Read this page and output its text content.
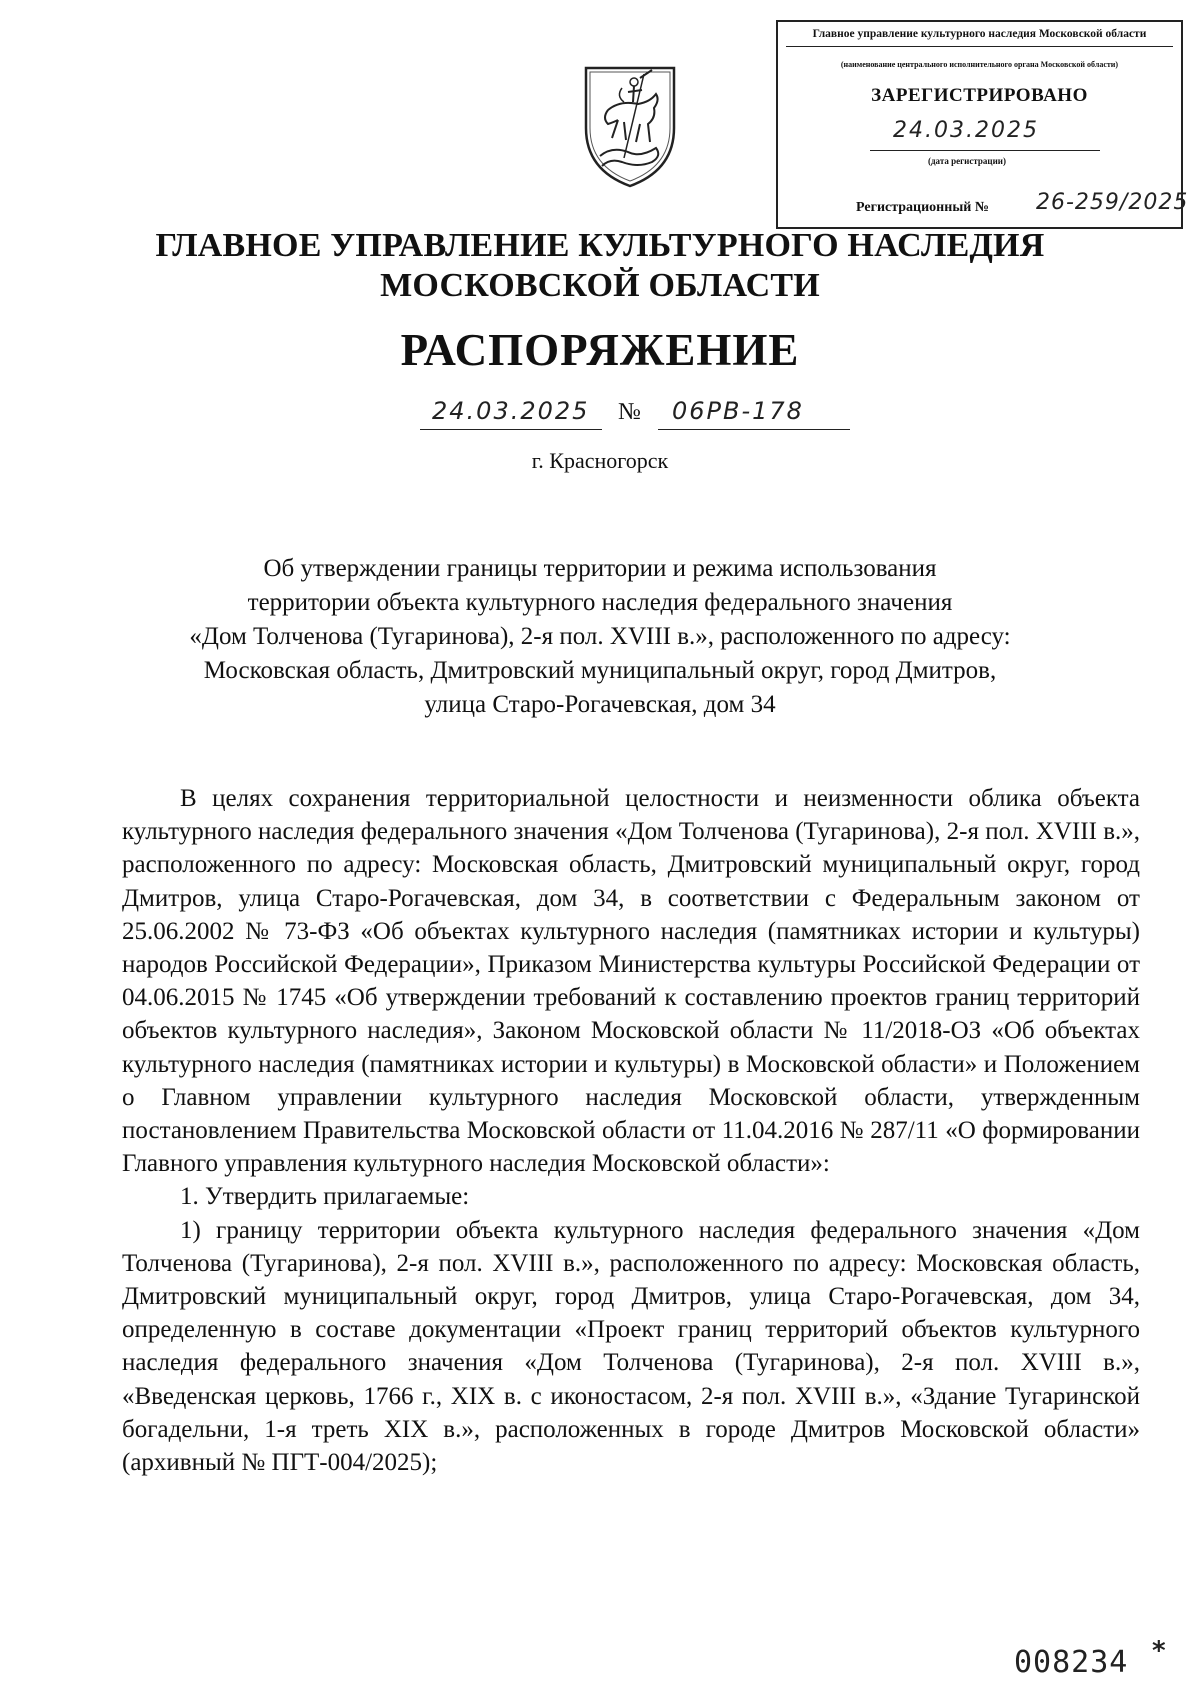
Главное управление культурного наследия Московской области
(наименование центрального исполнительного органа Московской области)
ЗАРЕГИСТРИРОВАНО
24.03.2025
(дата регистрации)
Регистрационный № 26-259/2025
ГЛАВНОЕ УПРАВЛЕНИЕ КУЛЬТУРНОГО НАСЛЕДИЯ
МОСКОВСКОЙ ОБЛАСТИ
РАСПОРЯЖЕНИЕ
24.03.2025 № 06РВ-178
г. Красногорск
Об утверждении границы территории и режима использования
территории объекта культурного наследия федерального значения
«Дом Толченова (Тугаринова), 2-я пол. XVIII в.», расположенного по адресу:
Московская область, Дмитровский муниципальный округ, город Дмитров,
улица Старо-Рогачевская, дом 34

В целях сохранения территориальной целостности и неизменности облика объекта культурного наследия федерального значения «Дом Толченова (Тугаринова), 2-я пол. XVIII в.», расположенного по адресу: Московская область, Дмитровский муниципальный округ, город Дмитров, улица Старо-Рогачевская, дом 34, в соответствии с Федеральным законом от 25.06.2002 № 73-ФЗ «Об объектах культурного наследия (памятниках истории и культуры) народов Российской Федерации», Приказом Министерства культуры Российской Федерации от 04.06.2015 № 1745 «Об утверждении требований к составлению проектов границ территорий объектов культурного наследия», Законом Московской области № 11/2018-ОЗ «Об объектах культурного наследия (памятниках истории и культуры) в Московской области» и Положением о Главном управлении культурного наследия Московской области, утвержденным постановлением Правительства Московской области от 11.04.2016 № 287/11 «О формировании Главного управления культурного наследия Московской области»:

1. Утвердить прилагаемые:

1) границу территории объекта культурного наследия федерального значения «Дом Толченова (Тугаринова), 2-я пол. XVIII в.», расположенного по адресу: Московская область, Дмитровский муниципальный округ, город Дмитров, улица Старо-Рогачевская, дом 34, определенную в составе документации «Проект границ территорий объектов культурного наследия федерального значения «Дом Толченова (Тугаринова), 2-я пол. XVIII в.», «Введенская церковь, 1766 г., XIX в. с иконостасом, 2-я пол. XVIII в.», «Здание Тугаринской богадельни, 1-я треть XIX в.», расположенных в городе Дмитров Московской области» (архивный № ПГТ-004/2025);

008234 *
